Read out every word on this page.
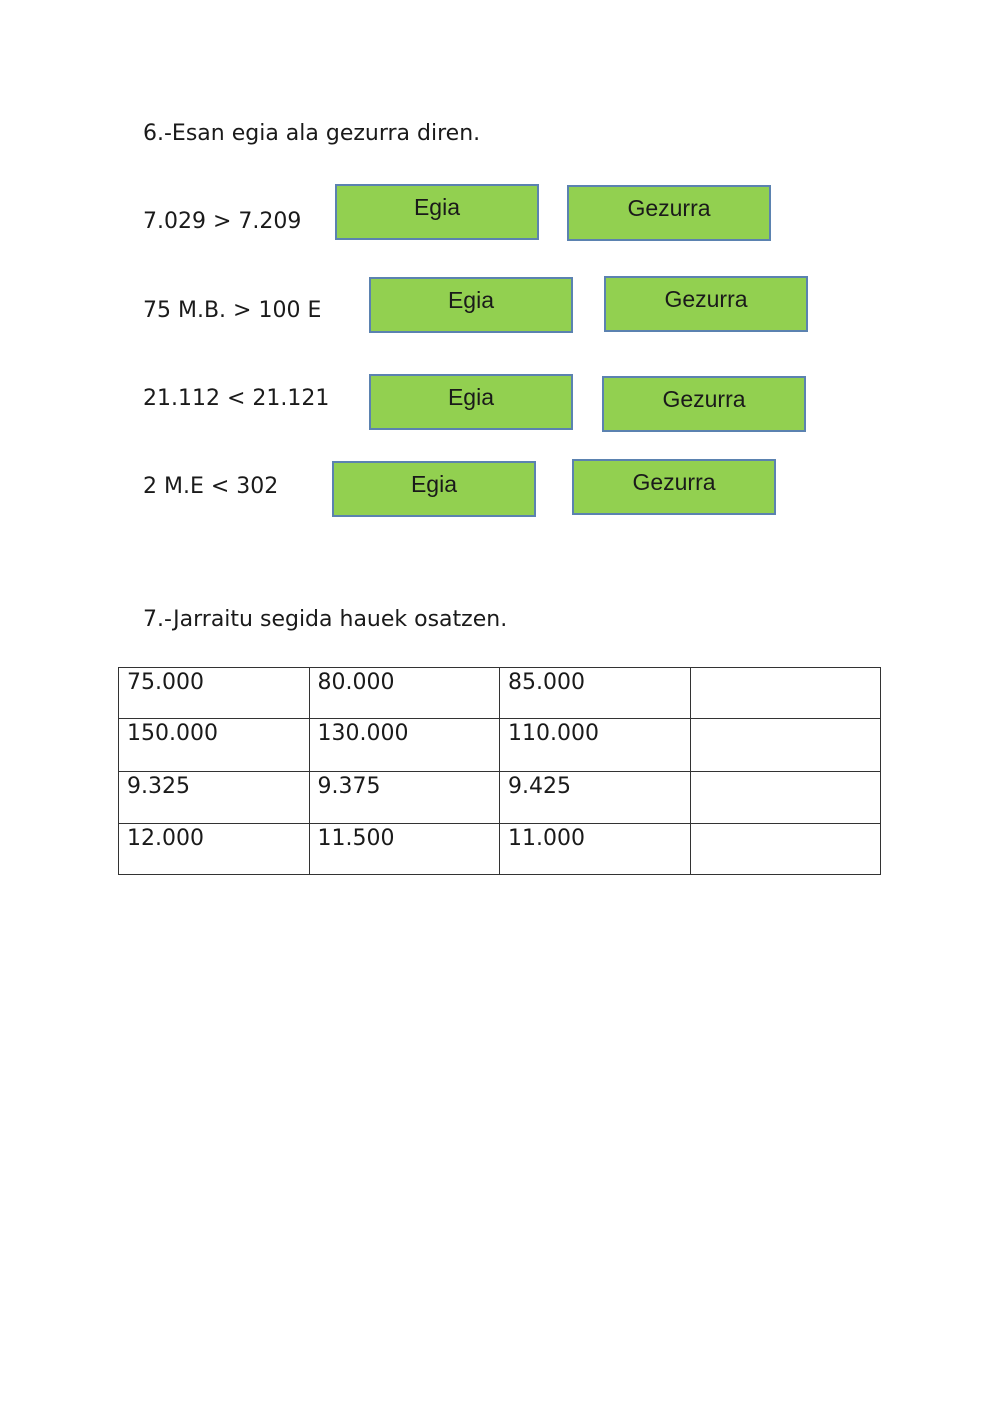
6.-Esan egia ala gezurra diren.
7.029 > 7.209
Egia	Gezurra
75 M.B. > 100 E	Egia	Gezurra
21.112 < 21.121	Egia	Gezurra
2 M.E < 302	Egia	Gezurra
7.-Jarraitu segida hauek osatzen.
75.000	80.000	85.000	
150.000	130.000	110.000	
9.325	9.375	9.425	
12.000	11.500	11.000	
